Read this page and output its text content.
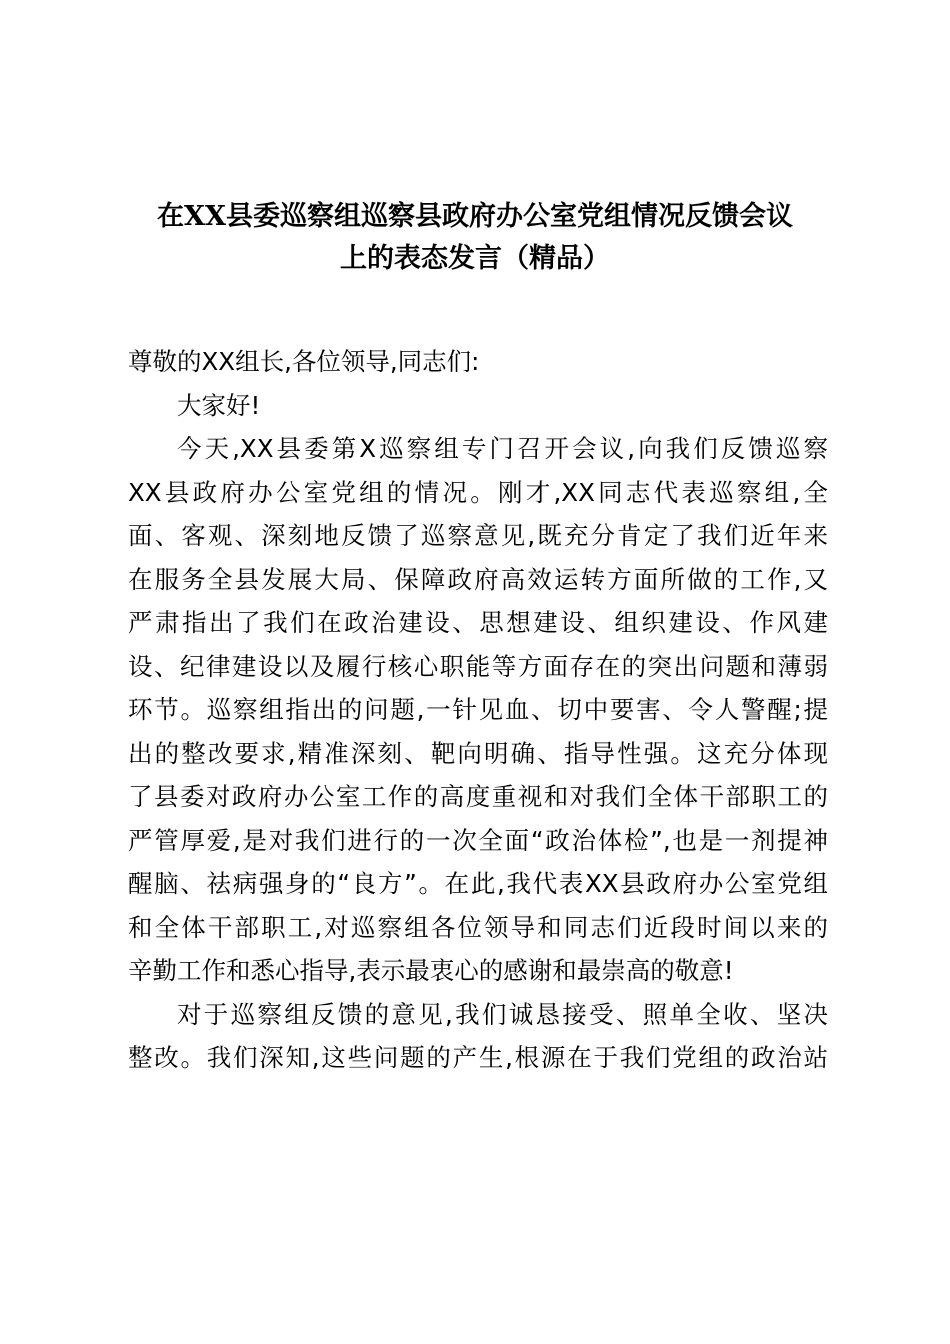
在XX县委巡察组巡察县政府办公室党组情况反馈会议
上的表态发言（精品）

尊敬的XX组长,各位领导,同志们:

大家好!

今天,XX县委第X巡察组专门召开会议,向我们反馈巡察
XX县政府办公室党组的情况。刚才,XX同志代表巡察组,全
面、客观、深刻地反馈了巡察意见,既充分肯定了我们近年来
在服务全县发展大局、保障政府高效运转方面所做的工作,又
严肃指出了我们在政治建设、思想建设、组织建设、作风建
设、纪律建设以及履行核心职能等方面存在的突出问题和薄弱
环节。巡察组指出的问题,一针见血、切中要害、令人警醒;提
出的整改要求,精准深刻、靶向明确、指导性强。这充分体现
了县委对政府办公室工作的高度重视和对我们全体干部职工的
严管厚爱,是对我们进行的一次全面“政治体检”,也是一剂提神
醒脑、祛病强身的“良方”。在此,我代表XX县政府办公室党组
和全体干部职工,对巡察组各位领导和同志们近段时间以来的
辛勤工作和悉心指导,表示最衷心的感谢和最崇高的敬意!

对于巡察组反馈的意见,我们诚恳接受、照单全收、坚决
整改。我们深知,这些问题的产生,根源在于我们党组的政治站
